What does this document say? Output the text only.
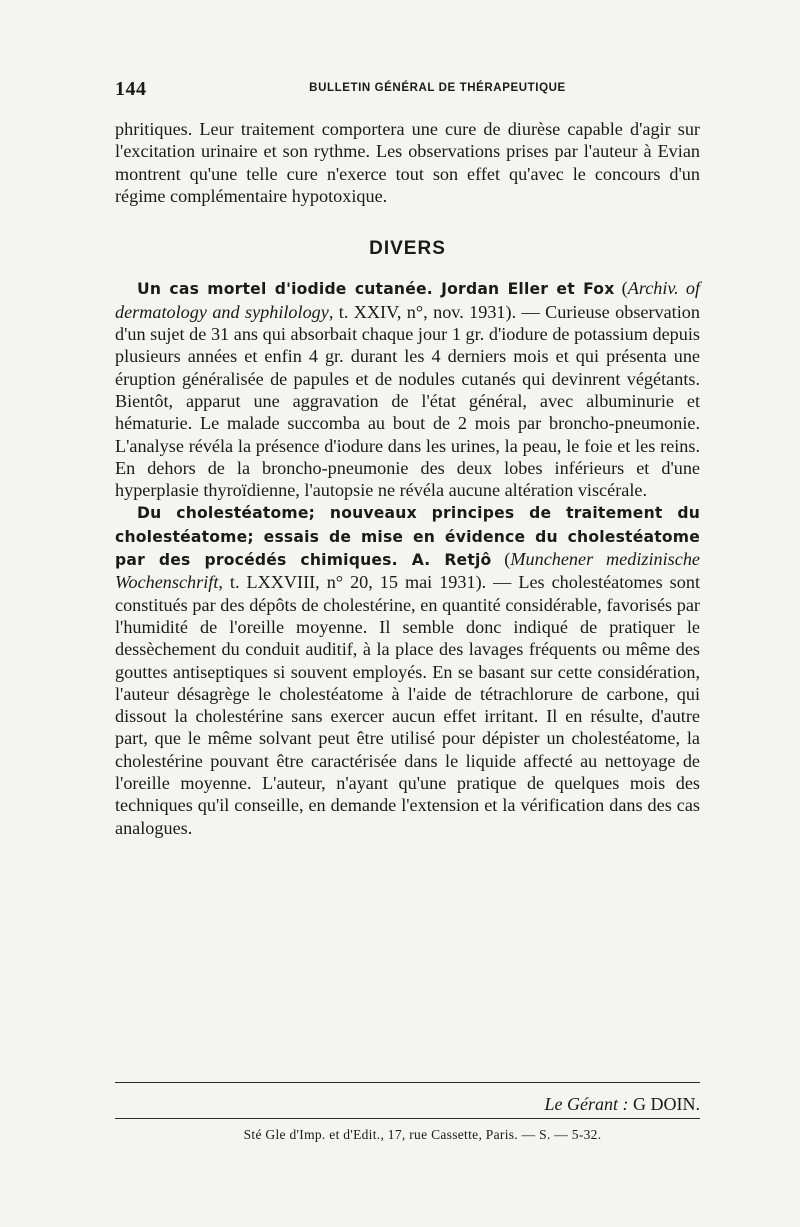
144	BULLETIN GÉNÉRAL DE THÉRAPEUTIQUE

phritiques. Leur traitement comportera une cure de diurèse capable d'agir sur l'excitation urinaire et son rythme. Les observations prises par l'auteur à Evian montrent qu'une telle cure n'exerce tout son effet qu'avec le concours d'un régime complémentaire hypotoxique.

DIVERS

Un cas mortel d'iodide cutanée. Jordan Eller et Fox (Archiv. of dermatology and syphilology, t. XXIV, n°, nov. 1931). — Curieuse observation d'un sujet de 31 ans qui absorbait chaque jour 1 gr. d'iodure de potassium depuis plusieurs années et enfin 4 gr. durant les 4 derniers mois et qui présenta une éruption généralisée de papules et de nodules cutanés qui devinrent végétants. Bientôt, apparut une aggravation de l'état général, avec albuminurie et hématurie. Le malade succomba au bout de 2 mois par broncho-pneumonie. L'analyse révéla la présence d'iodure dans les urines, la peau, le foie et les reins. En dehors de la broncho-pneumonie des deux lobes inférieurs et d'une hyperplasie thyroïdienne, l'autopsie ne révéla aucune altération viscérale.

Du cholestéatome; nouveaux principes de traitement du cholestéatome; essais de mise en évidence du cholestéatome par des procédés chimiques. A. Retjô (Munchener medizinische Wochenschrift, t. LXXVIII, n° 20, 15 mai 1931). — Les cholestéatomes sont constitués par des dépôts de cholestérine, en quantité considérable, favorisés par l'humidité de l'oreille moyenne. Il semble donc indiqué de pratiquer le dessèchement du conduit auditif, à la place des lavages fréquents ou même des gouttes antiseptiques si souvent employés. En se basant sur cette considération, l'auteur désagrège le cholestéatome à l'aide de tétrachlorure de carbone, qui dissout la cholestérine sans exercer aucun effet irritant. Il en résulte, d'autre part, que le même solvant peut être utilisé pour dépister un cholestéatome, la cholestérine pouvant être caractérisée dans le liquide affecté au nettoyage de l'oreille moyenne. L'auteur, n'ayant qu'une pratique de quelques mois des techniques qu'il conseille, en demande l'extension et la vérification dans des cas analogues.

Le Gérant : G DOIN.
Sté Gle d'Imp. et d'Edit., 17, rue Cassette, Paris. — S. — 5-32.
